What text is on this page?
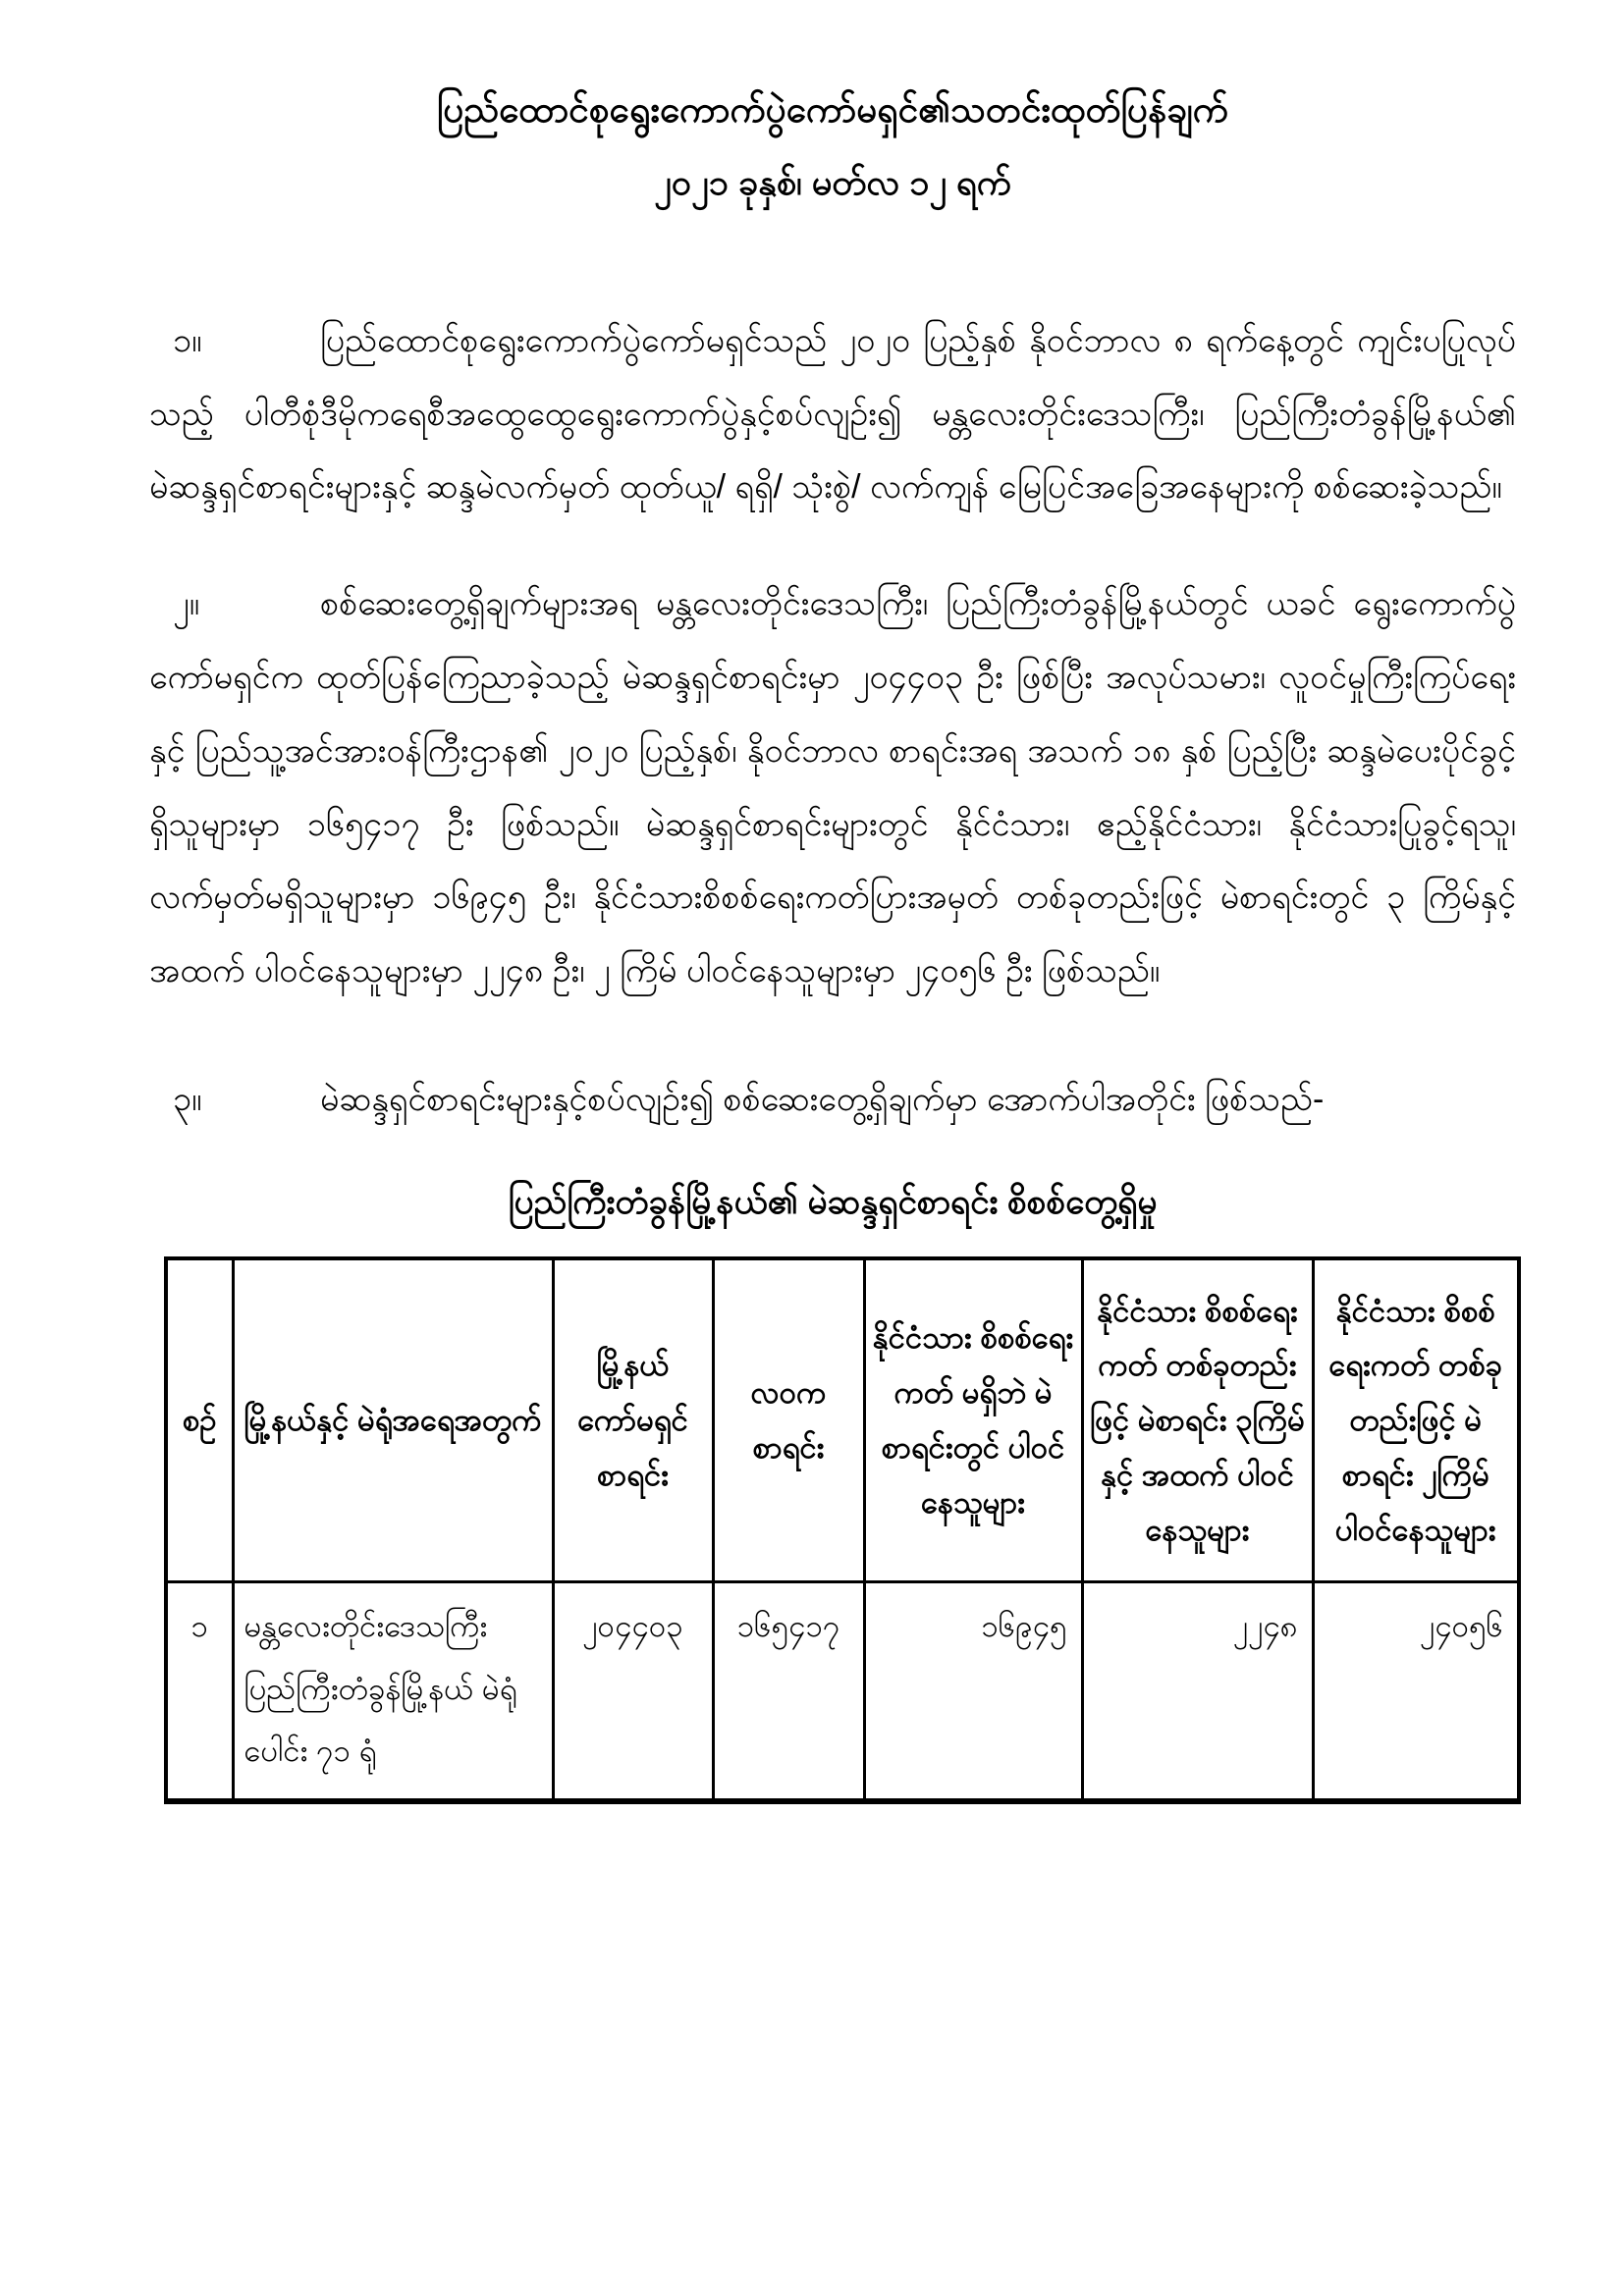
ပြည်ထောင်စုရွေးကောက်ပွဲကော်မရှင်၏သတင်းထုတ်ပြန်ချက်
၂၀၂၁ ခုနှစ်၊ မတ်လ ၁၂ ရက်

၁။	ပြည်ထောင်စုရွေးကောက်ပွဲကော်မရှင်သည် ၂၀၂၀ ပြည့်နှစ် နိုဝင်ဘာလ ၈ ရက်နေ့တွင် ကျင်းပပြုလုပ်သည့် ပါတီစုံဒီမိုကရေစီအထွေထွေရွေးကောက်ပွဲနှင့်စပ်လျဉ်း၍ မန္တလေးတိုင်းဒေသကြီး၊ ပြည်ကြီးတံခွန်မြို့နယ်၏ မဲဆန္ဒရှင်စာရင်းများနှင့် ဆန္ဒမဲလက်မှတ် ထုတ်ယူ/ ရရှိ/ သုံးစွဲ/ လက်ကျန် မြေပြင်အခြေအနေများကို စစ်ဆေးခဲ့သည်။

၂။	စစ်ဆေးတွေ့ရှိချက်များအရ မန္တလေးတိုင်းဒေသကြီး၊ ပြည်ကြီးတံခွန်မြို့နယ်တွင် ယခင် ရွေးကောက်ပွဲကော်မရှင်က ထုတ်ပြန်ကြေညာခဲ့သည့် မဲဆန္ဒရှင်စာရင်းမှာ ၂၀၄၄၀၃ ဦး ဖြစ်ပြီး အလုပ်သမား၊ လူဝင်မှုကြီးကြပ်ရေးနှင့် ပြည်သူ့အင်အားဝန်ကြီးဌာန၏ ၂၀၂၀ ပြည့်နှစ်၊ နိုဝင်ဘာလ စာရင်းအရ အသက် ၁၈ နှစ် ပြည့်ပြီး ဆန္ဒမဲပေးပိုင်ခွင့်ရှိသူများမှာ ၁၆၅၄၁၇ ဦး ဖြစ်သည်။ မဲဆန္ဒရှင်စာရင်းများတွင် နိုင်ငံသား၊ ဧည့်နိုင်ငံသား၊ နိုင်ငံသားပြုခွင့်ရသူ၊ လက်မှတ်မရှိသူများမှာ ၁၆၉၄၅ ဦး၊ နိုင်ငံသားစိစစ်ရေးကတ်ပြားအမှတ် တစ်ခုတည်းဖြင့် မဲစာရင်းတွင် ၃ ကြိမ်နှင့်အထက် ပါဝင်နေသူများမှာ ၂၂၄၈ ဦး၊ ၂ ကြိမ် ပါဝင်နေသူများမှာ ၂၄၀၅၆ ဦး ဖြစ်သည်။

၃။	မဲဆန္ဒရှင်စာရင်းများနှင့်စပ်လျဉ်း၍ စစ်ဆေးတွေ့ရှိချက်မှာ အောက်ပါအတိုင်း ဖြစ်သည်-

ပြည်ကြီးတံခွန်မြို့နယ်၏ မဲဆန္ဒရှင်စာရင်း စိစစ်တွေ့ရှိမှု
စဉ်	မြို့နယ်နှင့် မဲရုံအရေအတွက်	မြို့နယ် ကော်မရှင် စာရင်း	လဝက စာရင်း	နိုင်ငံသား စိစစ်ရေးကတ် မရှိဘဲ မဲစာရင်းတွင် ပါဝင်နေသူများ	နိုင်ငံသား စိစစ်ရေးကတ် တစ်ခုတည်းဖြင့် မဲစာရင်း ၃ကြိမ် နှင့် အထက် ပါဝင်နေသူများ	နိုင်ငံသား စိစစ်ရေးကတ် တစ်ခုတည်းဖြင့် မဲစာရင်း ၂ကြိမ် ပါဝင်နေသူများ
၁	မန္တလေးတိုင်းဒေသကြီး ပြည်ကြီးတံခွန်မြို့နယ် မဲရုံပေါင်း ၇၁ ရုံ	၂၀၄၄၀၃	၁၆၅၄၁၇	၁၆၉၄၅	၂၂၄၈	၂၄၀၅၆
